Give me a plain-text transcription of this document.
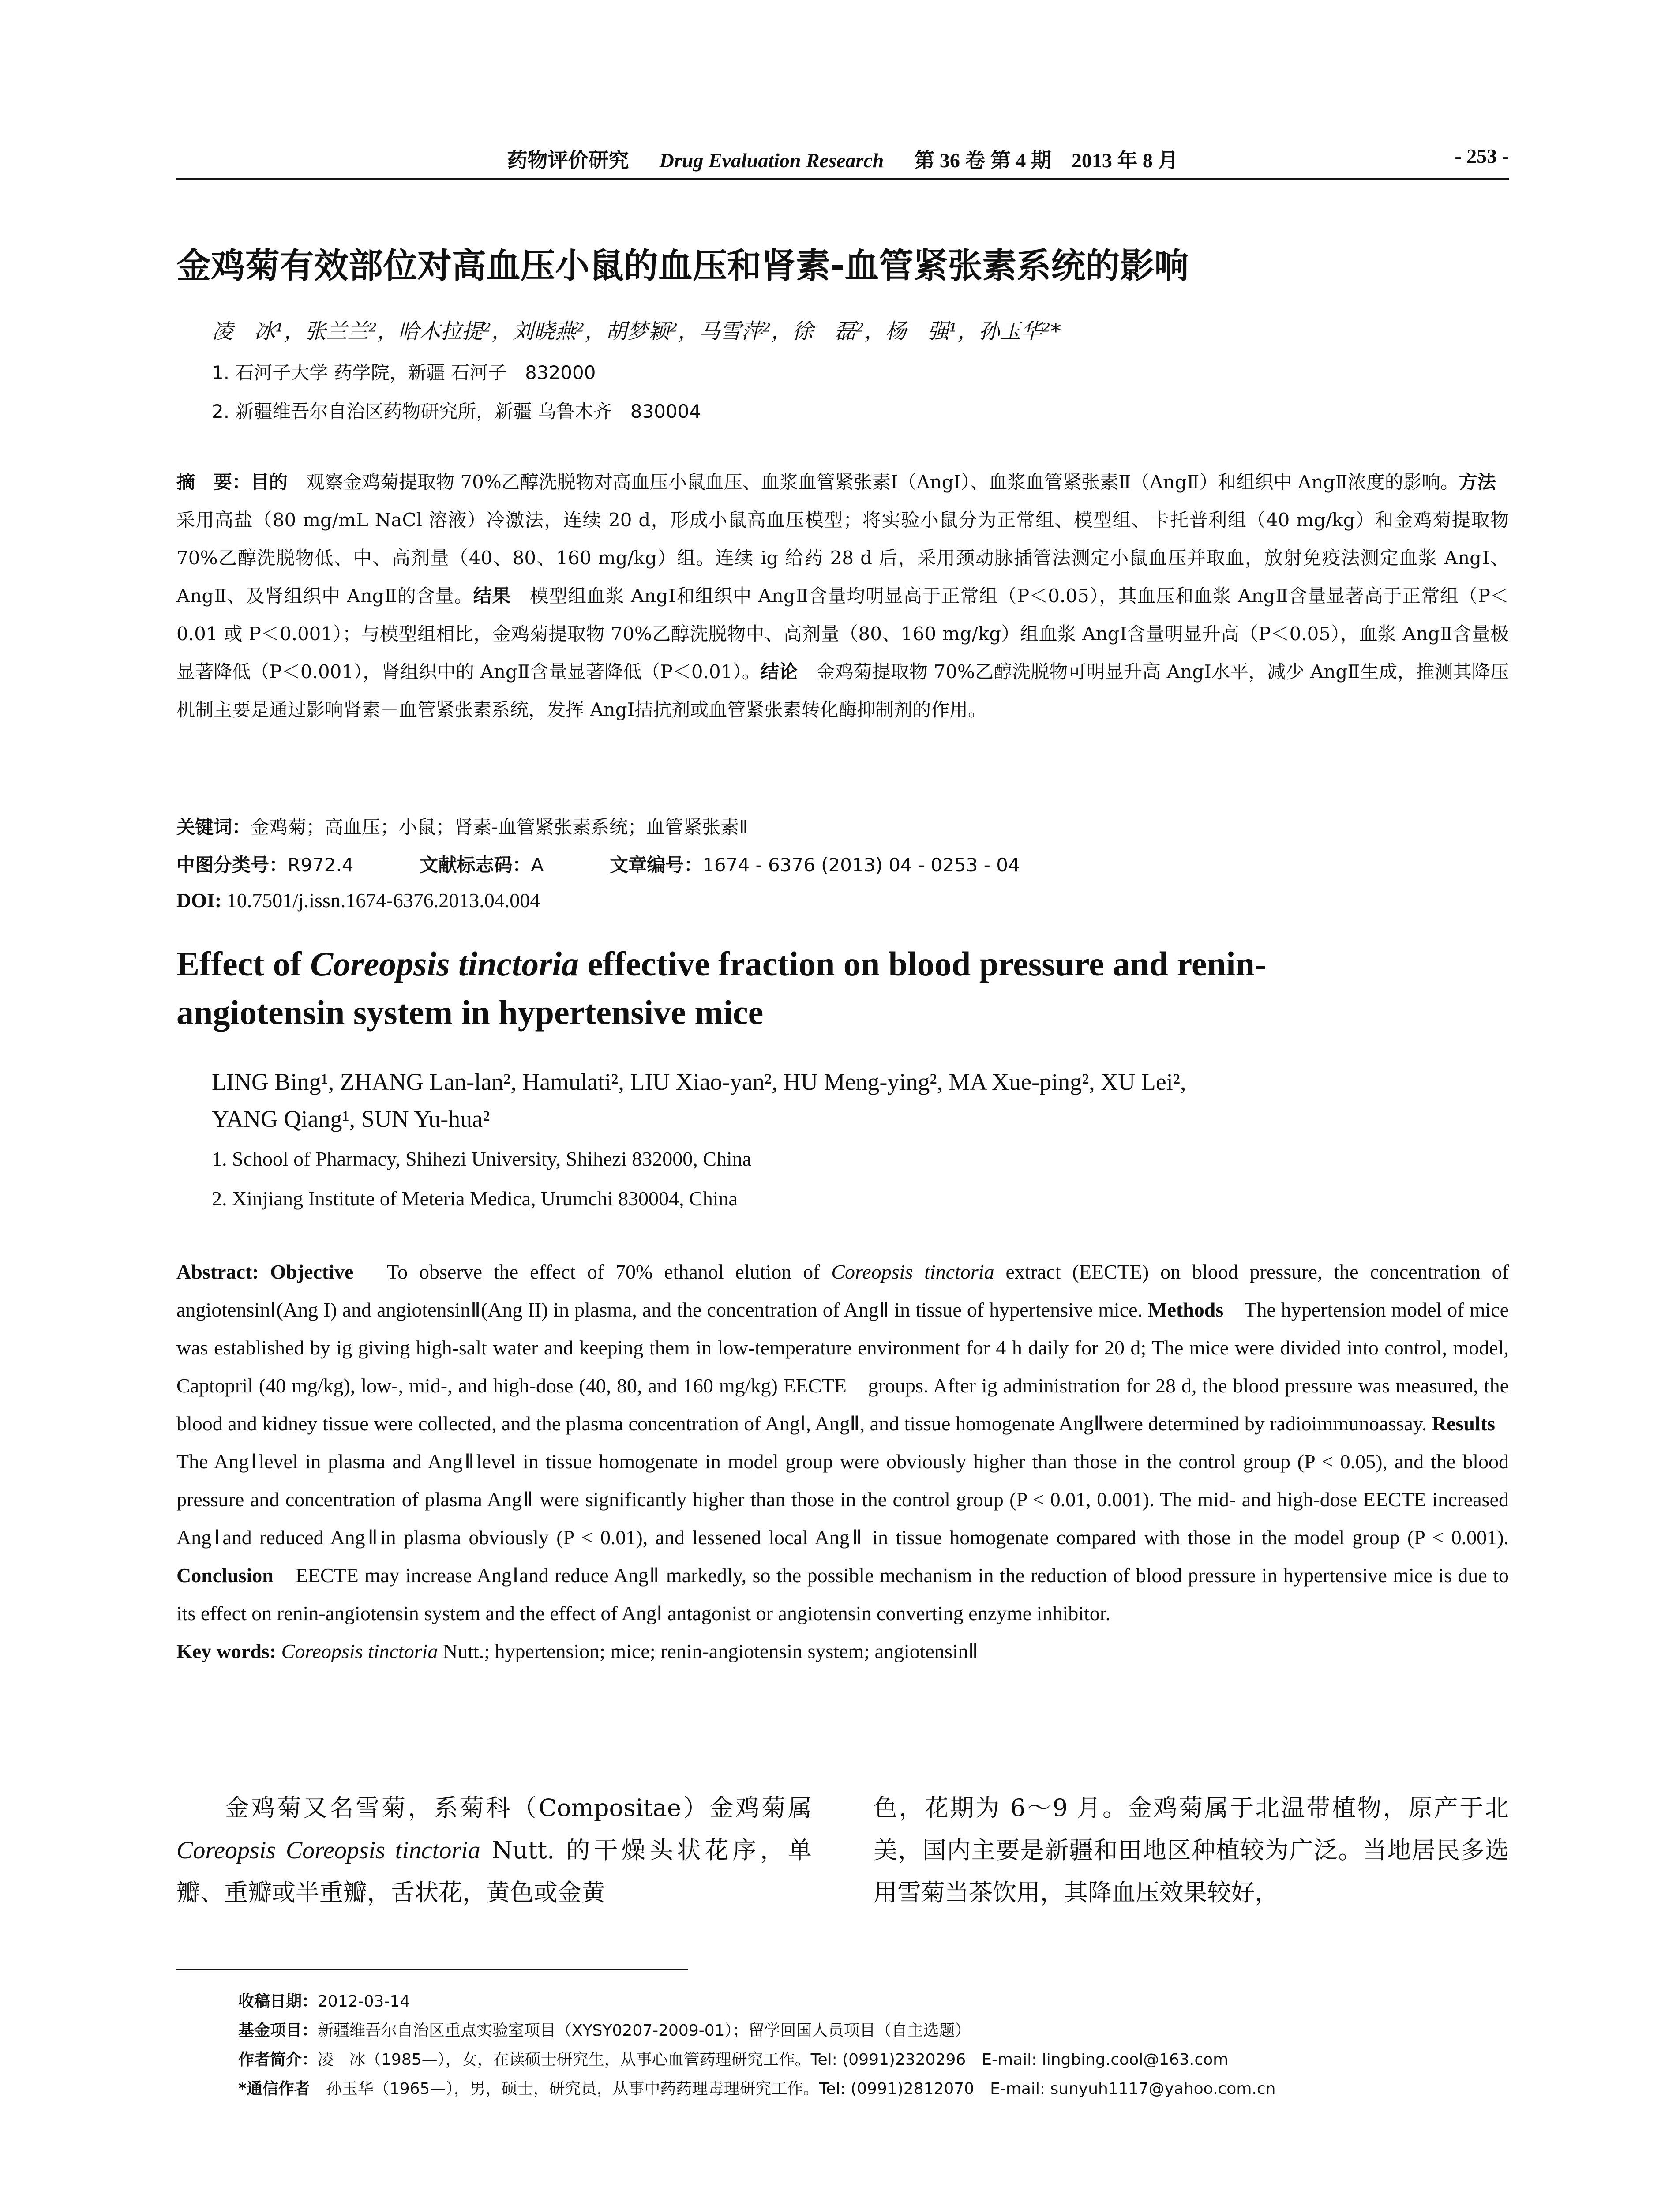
药物评价研究 　 Drug Evaluation Research 　 第 36 卷 第 4 期　2013 年 8 月	- 253 -
金鸡菊有效部位对高血压小鼠的血压和肾素-血管紧张素系统的影响
凌　冰¹，张兰兰²，哈木拉提²，刘晓燕²，胡梦颖²，马雪萍²，徐　磊²，杨　强¹，孙玉华²*
1. 石河子大学 药学院，新疆 石河子　832000
2. 新疆维吾尔自治区药物研究所，新疆 乌鲁木齐　830004
摘　要：目的　观察金鸡菊提取物 70%乙醇洗脱物对高血压小鼠血压、血浆血管紧张素Ⅰ（AngⅠ）、血浆血管紧张素Ⅱ（AngⅡ）和组织中 AngⅡ浓度的影响。方法　采用高盐（80 mg/mL NaCl 溶液）冷激法，连续 20 d，形成小鼠高血压模型；将实验小鼠分为正常组、模型组、卡托普利组（40 mg/kg）和金鸡菊提取物 70%乙醇洗脱物低、中、高剂量（40、80、160 mg/kg）组。连续 ig 给药 28 d 后，采用颈动脉插管法测定小鼠血压并取血，放射免疫法测定血浆 AngⅠ、AngⅡ、及肾组织中 AngⅡ的含量。结果　模型组血浆 AngⅠ和组织中 AngⅡ含量均明显高于正常组（P＜0.05），其血压和血浆 AngⅡ含量显著高于正常组（P＜0.01 或 P＜0.001）；与模型组相比，金鸡菊提取物 70%乙醇洗脱物中、高剂量（80、160 mg/kg）组血浆 AngⅠ含量明显升高（P＜0.05），血浆 AngⅡ含量极显著降低（P＜0.001），肾组织中的 AngⅡ含量显著降低（P＜0.01）。结论　金鸡菊提取物 70%乙醇洗脱物可明显升高 AngⅠ水平，减少 AngⅡ生成，推测其降压机制主要是通过影响肾素－血管紧张素系统，发挥 AngⅠ拮抗剂或血管紧张素转化酶抑制剂的作用。
关键词：金鸡菊；高血压；小鼠；肾素-血管紧张素系统；血管紧张素Ⅱ
中图分类号：R972.4	文献标志码：A	文章编号：1674 - 6376 (2013) 04 - 0253 - 04
DOI: 10.7501/j.issn.1674-6376.2013.04.004
Effect of Coreopsis tinctoria effective fraction on blood pressure and renin-angiotensin system in hypertensive mice
LING Bing¹, ZHANG Lan-lan², Hamulati², LIU Xiao-yan², HU Meng-ying², MA Xue-ping², XU Lei²,
YANG Qiang¹, SUN Yu-hua²
1. School of Pharmacy, Shihezi University, Shihezi 832000, China
2. Xinjiang Institute of Meteria Medica, Urumchi 830004, China
Abstract: Objective　To observe the effect of 70% ethanol elution of Coreopsis tinctoria extract (EECTE) on blood pressure, the concentration of angiotensinⅠ(Ang I) and angiotensinⅡ(Ang II) in plasma, and the concentration of AngⅡ in tissue of hypertensive mice. Methods　The hypertension model of mice was established by ig giving high-salt water and keeping them in low-temperature environment for 4 h daily for 20 d; The mice were divided into control, model, Captopril (40 mg/kg), low-, mid-, and high-dose (40, 80, and 160 mg/kg) EECTE　groups. After ig administration for 28 d, the blood pressure was measured, the blood and kidney tissue were collected, and the plasma concentration of AngⅠ, AngⅡ, and tissue homogenate AngⅡwere determined by radioimmunoassay. Results　The AngⅠlevel in plasma and AngⅡlevel in tissue homogenate in model group were obviously higher than those in the control group (P < 0.05), and the blood pressure and concentration of plasma AngⅡ were significantly higher than those in the control group (P < 0.01, 0.001). The mid- and high-dose EECTE increased AngⅠand reduced AngⅡin plasma obviously (P < 0.01), and lessened local AngⅡ in tissue homogenate compared with those in the model group (P < 0.001). Conclusion　EECTE may increase AngⅠand reduce AngⅡ markedly, so the possible mechanism in the reduction of blood pressure in hypertensive mice is due to its effect on renin-angiotensin system and the effect of AngⅠ antagonist or angiotensin converting enzyme inhibitor.
Key words: Coreopsis tinctoria Nutt.; hypertension; mice; renin-angiotensin system; angiotensinⅡ
金鸡菊又名雪菊，系菊科（Compositae）金鸡菊属 Coreopsis Coreopsis tinctoria Nutt. 的干燥头状花序，单瓣、重瓣或半重瓣，舌状花，黄色或金黄
色，花期为 6～9 月。金鸡菊属于北温带植物，原产于北美，国内主要是新疆和田地区种植较为广泛。当地居民多选用雪菊当茶饮用，其降血压效果较好，
收稿日期：2012-03-14
基金项目：新疆维吾尔自治区重点实验室项目（XYSY0207-2009-01）；留学回国人员项目（自主选题）
作者简介：凌　冰（1985—），女，在读硕士研究生，从事心血管药理研究工作。Tel: (0991)2320296　E-mail: lingbing.cool@163.com
*通信作者　孙玉华（1965—），男，硕士，研究员，从事中药药理毒理研究工作。Tel: (0991)2812070　E-mail: sunyuh1117@yahoo.com.cn
